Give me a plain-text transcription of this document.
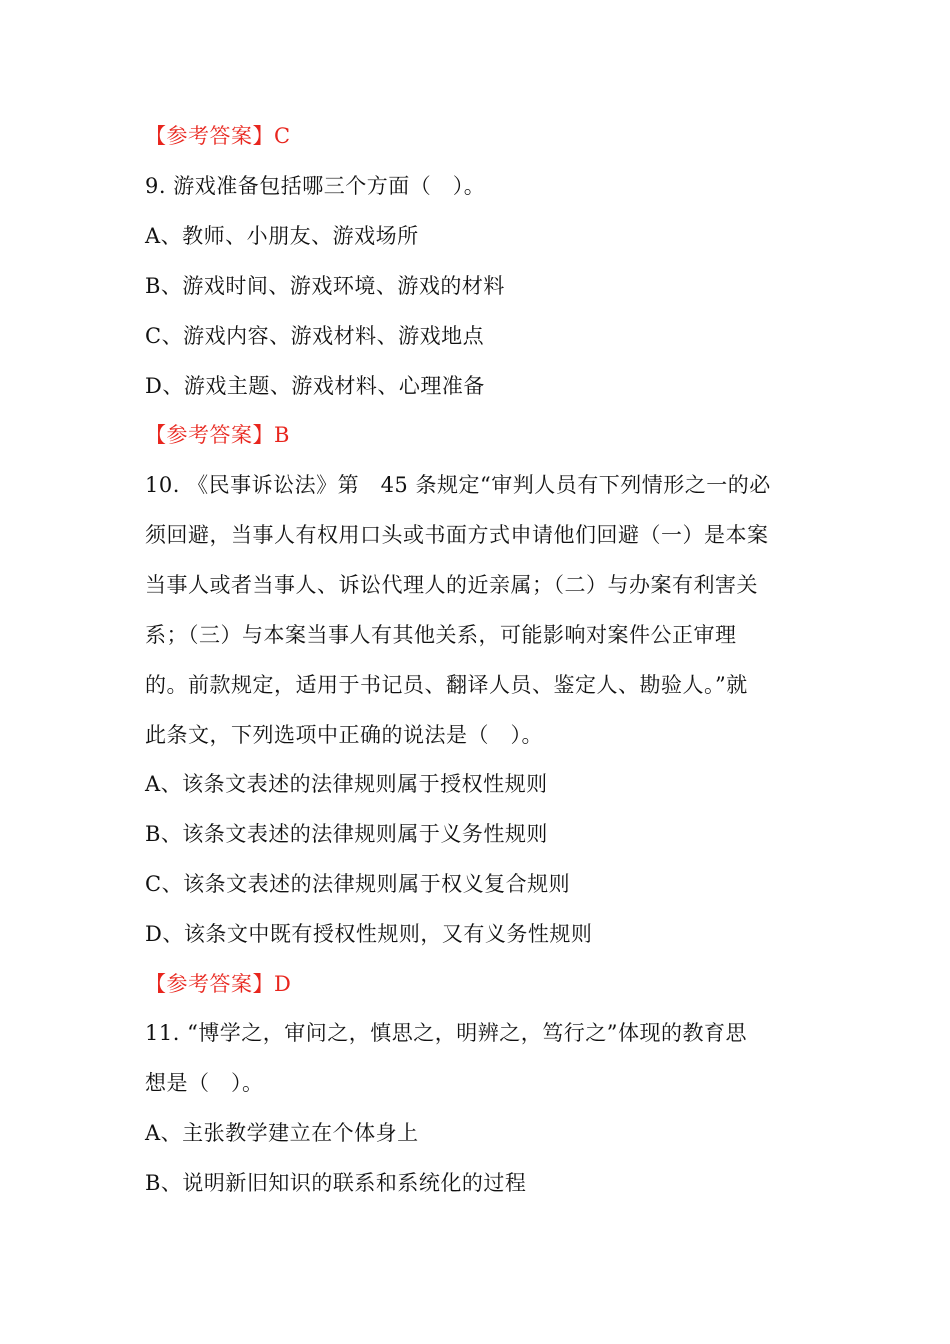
【参考答案】C
9. 游戏准备包括哪三个方面（　）。
A、教师、小朋友、游戏场所
B、游戏时间、游戏环境、游戏的材料
C、游戏内容、游戏材料、游戏地点
D、游戏主题、游戏材料、心理准备
【参考答案】B
10. 《民事诉讼法》第　45 条规定“审判人员有下列情形之一的必
须回避，当事人有权用口头或书面方式申请他们回避（一）是本案
当事人或者当事人、诉讼代理人的近亲属；（二）与办案有利害关
系；（三）与本案当事人有其他关系，可能影响对案件公正审理
的。前款规定，适用于书记员、翻译人员、鉴定人、勘验人。”就
此条文，下列选项中正确的说法是（　）。
A、该条文表述的法律规则属于授权性规则
B、该条文表述的法律规则属于义务性规则
C、该条文表述的法律规则属于权义复合规则
D、该条文中既有授权性规则，又有义务性规则
【参考答案】D
11. “博学之，审问之，慎思之，明辨之，笃行之”体现的教育思
想是（　）。
A、主张教学建立在个体身上
B、说明新旧知识的联系和系统化的过程
